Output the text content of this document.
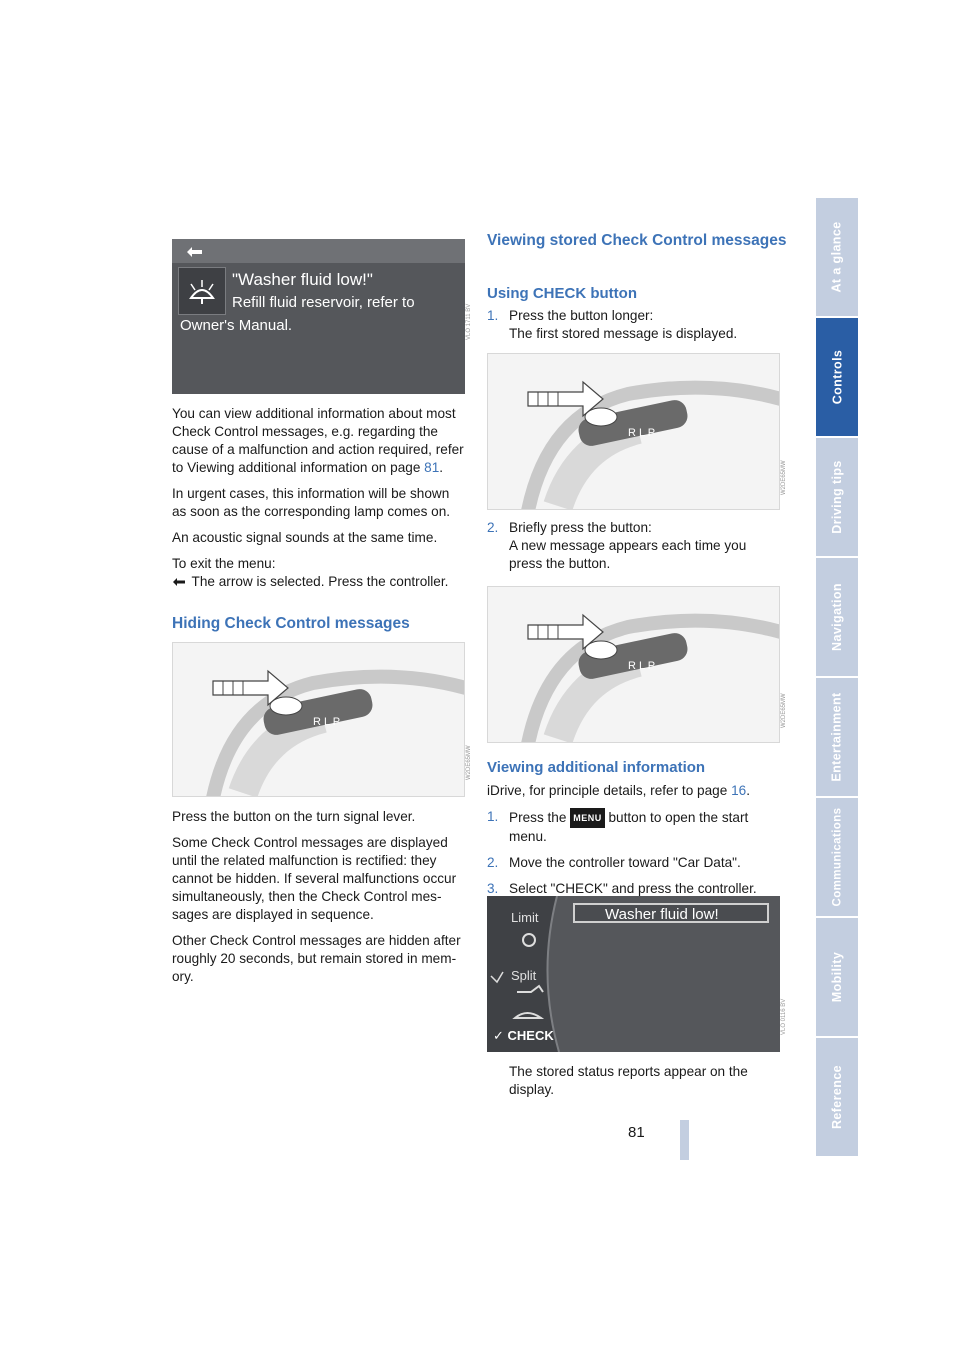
At a glance
Controls
Driving tips
Navigation
Entertainment
Communications
Mobility
Reference
81
"Washer fluid low!"
Refill fluid reservoir, refer to
Owner's Manual.	VLO 1711 BV

You can view additional information about most Check Control messages, e.g. regarding the cause of a malfunction and action required, refer to Viewing additional information on page 81.

In urgent cases, this information will be shown as soon as the corresponding lamp comes on.

An acoustic signal sounds at the same time.

To exit the menu:

The arrow is selected. Press the controller.

Hiding Check Control messages
R L P
W2DE65MW

Press the button on the turn signal lever.

Some Check Control messages are displayed until the related malfunction is rectified: they cannot be hidden. If several malfunctions occur simultaneously, then the Check Control mes-sages are displayed in sequence.

Other Check Control messages are hidden after roughly 20 seconds, but remain stored in mem-ory.

Viewing stored Check Control messages
Using CHECK button
1. Press the button longer:
The first stored message is displayed.
R L P
W2DE65MW
2. Briefly press the button:
A new message appears each time you press the button.
R L P
W2DE65MW
Viewing additional information

iDrive, for principle details, refer to page 16.

1. Press the MENU button to open the start menu.
2. Move the controller toward "Car Data".
3. Select "CHECK" and press the controller.
Limit
Split
✓ CHECK
Washer fluid low!
VLO 0116 BV

The stored status reports appear on the display.
